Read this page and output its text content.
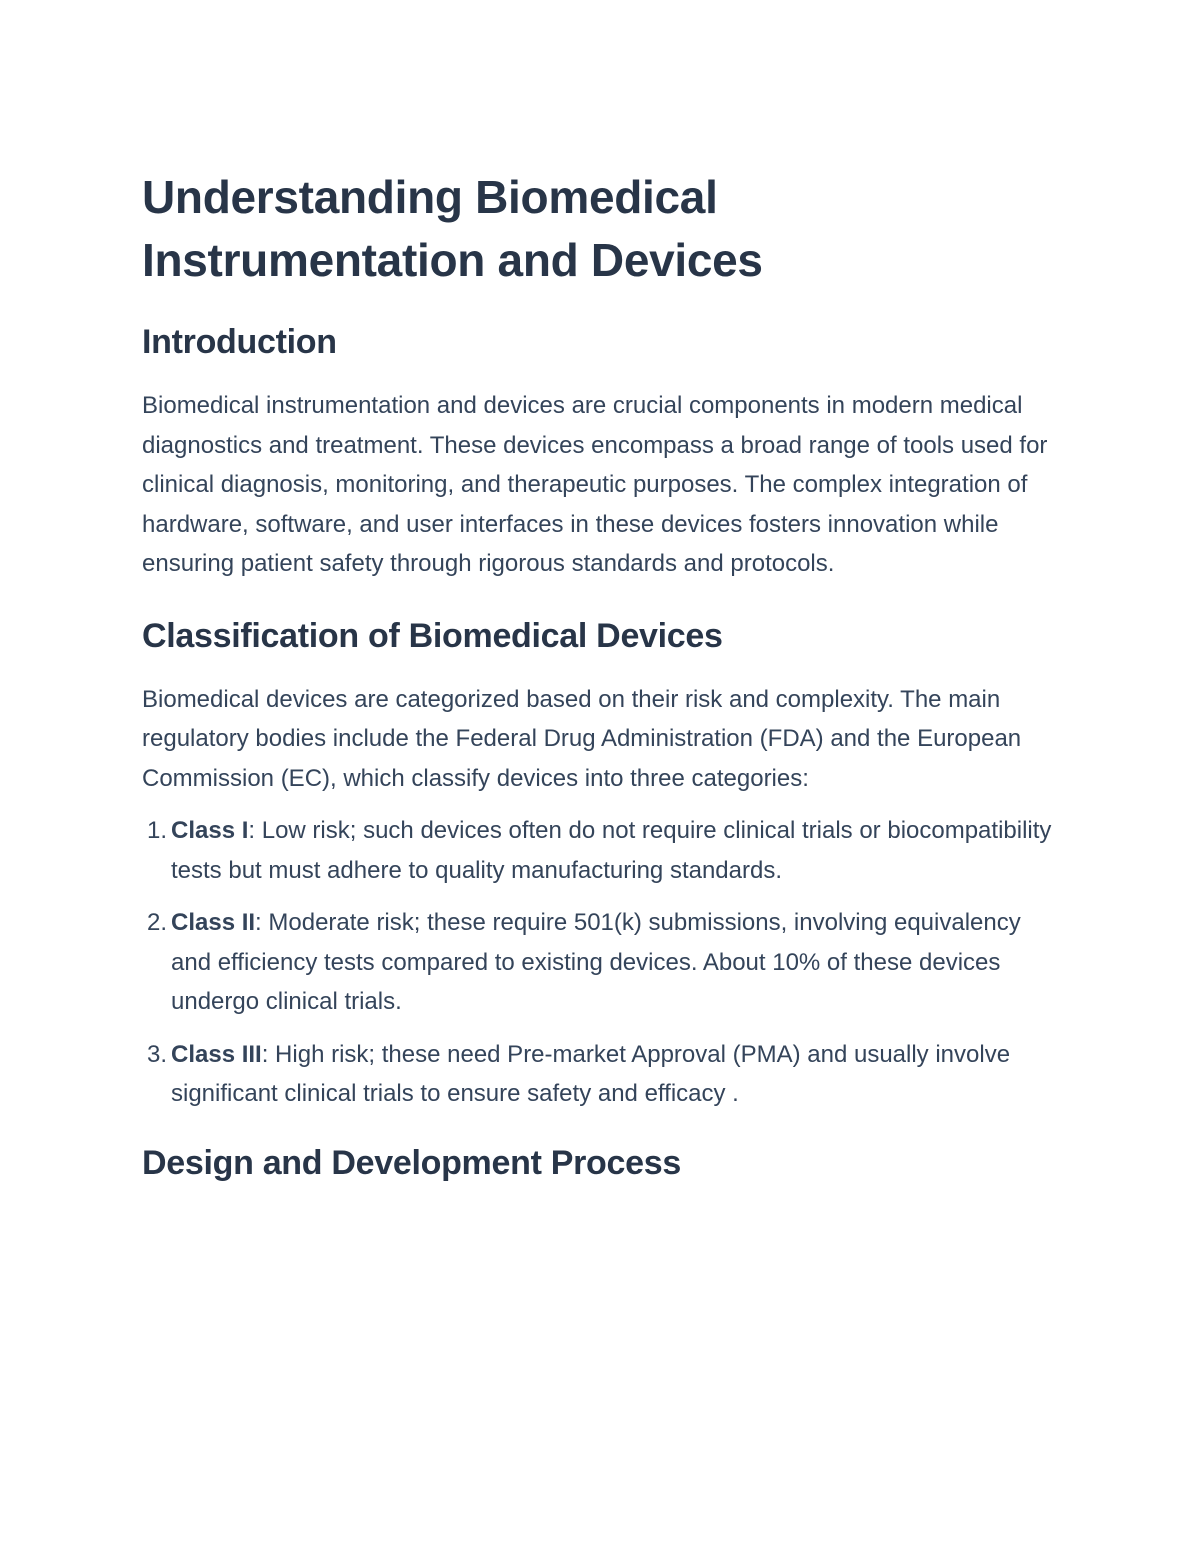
Understanding Biomedical Instrumentation and Devices
Introduction

Biomedical instrumentation and devices are crucial components in modern medical diagnostics and treatment. These devices encompass a broad range of tools used for clinical diagnosis, monitoring, and therapeutic purposes. The complex integration of hardware, software, and user interfaces in these devices fosters innovation while ensuring patient safety through rigorous standards and protocols.

Classification of Biomedical Devices

Biomedical devices are categorized based on their risk and complexity. The main regulatory bodies include the Federal Drug Administration (FDA) and the European Commission (EC), which classify devices into three categories:

1. Class I: Low risk; such devices often do not require clinical trials or biocompatibility tests but must adhere to quality manufacturing standards.
2. Class II: Moderate risk; these require 501(k) submissions, involving equivalency and efficiency tests compared to existing devices. About 10% of these devices undergo clinical trials.
3. Class III: High risk; these need Pre-market Approval (PMA) and usually involve significant clinical trials to ensure safety and efficacy .
Design and Development Process
